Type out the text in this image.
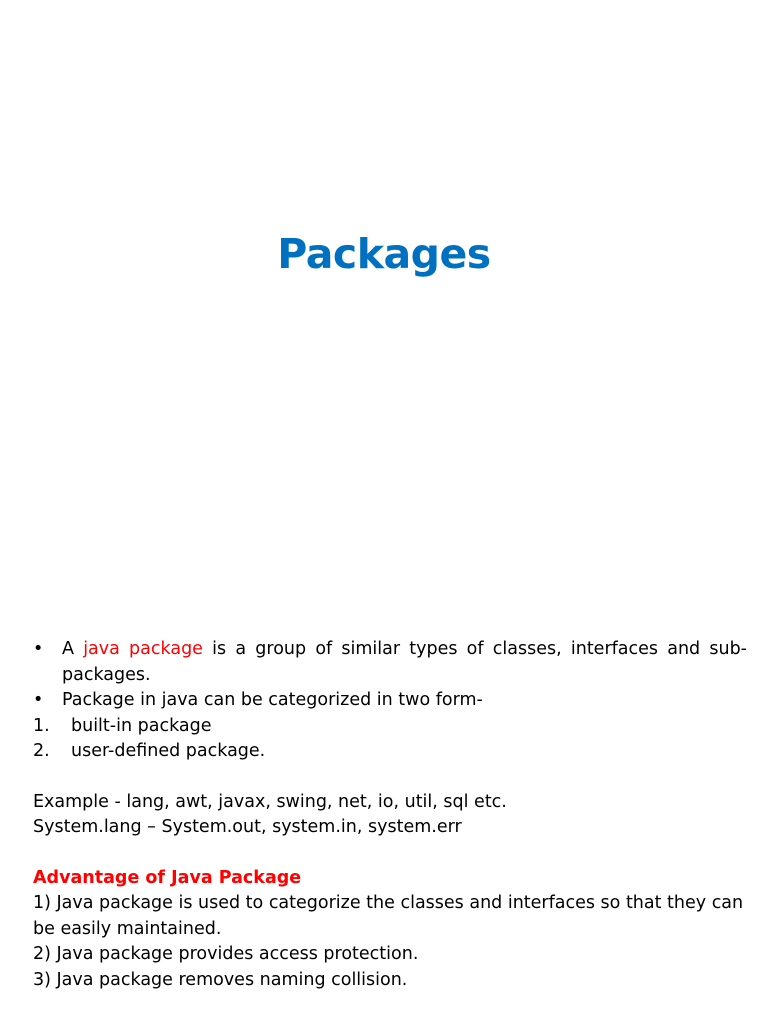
Packages
• A java package is a group of similar types of classes, interfaces and sub-packages.
• Package in java can be categorized in two form-
1. built-in package
2. user-defined package.
Example - lang, awt, javax, swing, net, io, util, sql etc.
System.lang – System.out, system.in, system.err
Advantage of Java Package
1) Java package is used to categorize the classes and interfaces so that they can be easily maintained.
2) Java package provides access protection.
3) Java package removes naming collision.
